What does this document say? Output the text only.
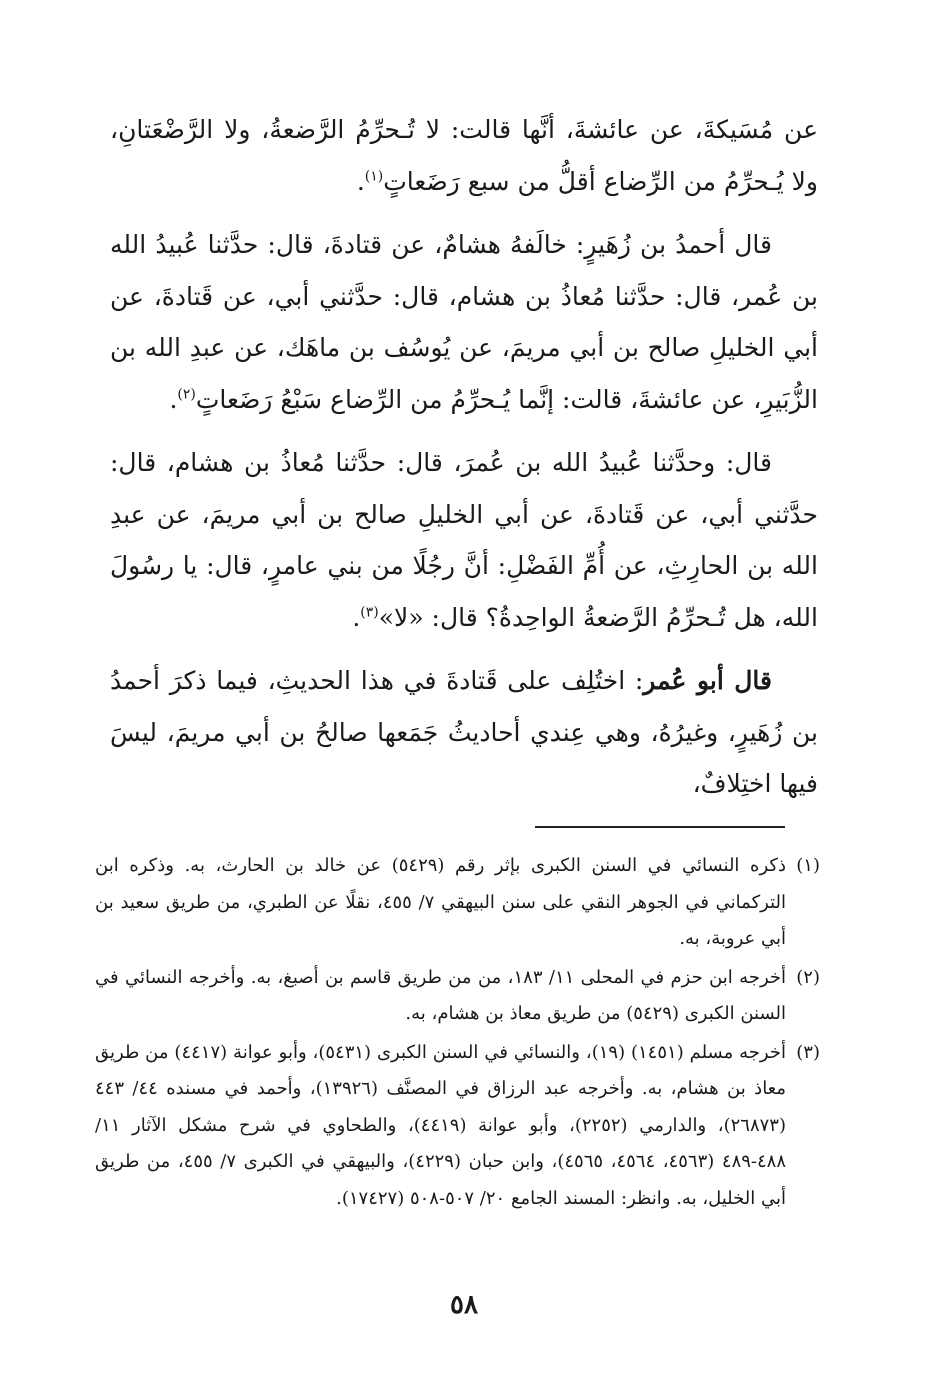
عن مُسَيكةَ، عن عائشةَ، أنَّها قالت: لا تُـحرِّمُ الرَّضعةُ، ولا الرَّضْعَتانِ، ولا يُـحرِّمُ من الرِّضاع أقلُّ من سبع رَضَعاتٍ$^{(١)}$.

قال أحمدُ بن زُهَيرٍ: خالَفهُ هشامٌ، عن قتادةَ، قال: حدَّثنا عُبيدُ الله بن عُمر، قال: حدَّثنا مُعاذُ بن هشام، قال: حدَّثني أبي، عن قَتادةَ، عن أبي الخليلِ صالح بن أبي مريمَ، عن يُوسُف بن ماهَك، عن عبدِ الله بن الزُّبَيرِ، عن عائشةَ، قالت: إنَّما يُـحرِّمُ من الرِّضاع سَبْعُ رَضَعاتٍ$^{(٢)}$.

قال: وحدَّثنا عُبيدُ الله بن عُمرَ، قال: حدَّثنا مُعاذُ بن هشام، قال: حدَّثني أبي، عن قَتادةَ، عن أبي الخليلِ صالح بن أبي مريمَ، عن عبدِ الله بن الحارِثِ، عن أُمِّ الفَضْلِ: أنَّ رجُلًا من بني عامرٍ، قال: يا رسُولَ الله، هل تُـحرِّمُ الرَّضعةُ الواحِدةُ؟ قال: «لا»$^{(٣)}$.

قال أبو عُمر: اختُلِف على قَتادةَ في هذا الحديثِ، فيما ذكرَ أحمدُ بن زُهَيرٍ، وغيرُهُ، وهي عِندي أحاديثُ جَمَعها صالحُ بن أبي مريمَ، ليسَ فيها اختِلافٌ،

(١)
ذكره النسائي في السنن الكبرى بإثر رقم (٥٤٢٩) عن خالد بن الحارث، به. وذكره ابن التركماني في الجوهر النقي على سنن البيهقي ٧/ ٤٥٥، نقلًا عن الطبري، من طريق سعيد بن أبي عروبة، به.

(٢)
أخرجه ابن حزم في المحلى ١١/ ١٨٣، من من طريق قاسم بن أصبغ، به. وأخرجه النسائي في السنن الكبرى (٥٤٢٩) من طريق معاذ بن هشام، به.

(٣)
أخرجه مسلم (١٤٥١) (١٩)، والنسائي في السنن الكبرى (٥٤٣١)، وأبو عوانة (٤٤١٧) من طريق معاذ بن هشام، به. وأخرجه عبد الرزاق في المصنَّف (١٣٩٢٦)، وأحمد في مسنده ٤٤/ ٤٤٣ (٢٦٨٧٣)، والدارمي (٢٢٥٢)، وأبو عوانة (٤٤١٩)، والطحاوي في شرح مشكل الآثار ١١/ ٤٨٨-٤٨٩ (٤٥٦٣، ٤٥٦٤، ٤٥٦٥)، وابن حبان (٤٢٢٩)، والبيهقي في الكبرى ٧/ ٤٥٥، من طريق أبي الخليل، به. وانظر: المسند الجامع ٢٠/ ٥٠٧-٥٠٨ (١٧٤٢٧).

٥٨
